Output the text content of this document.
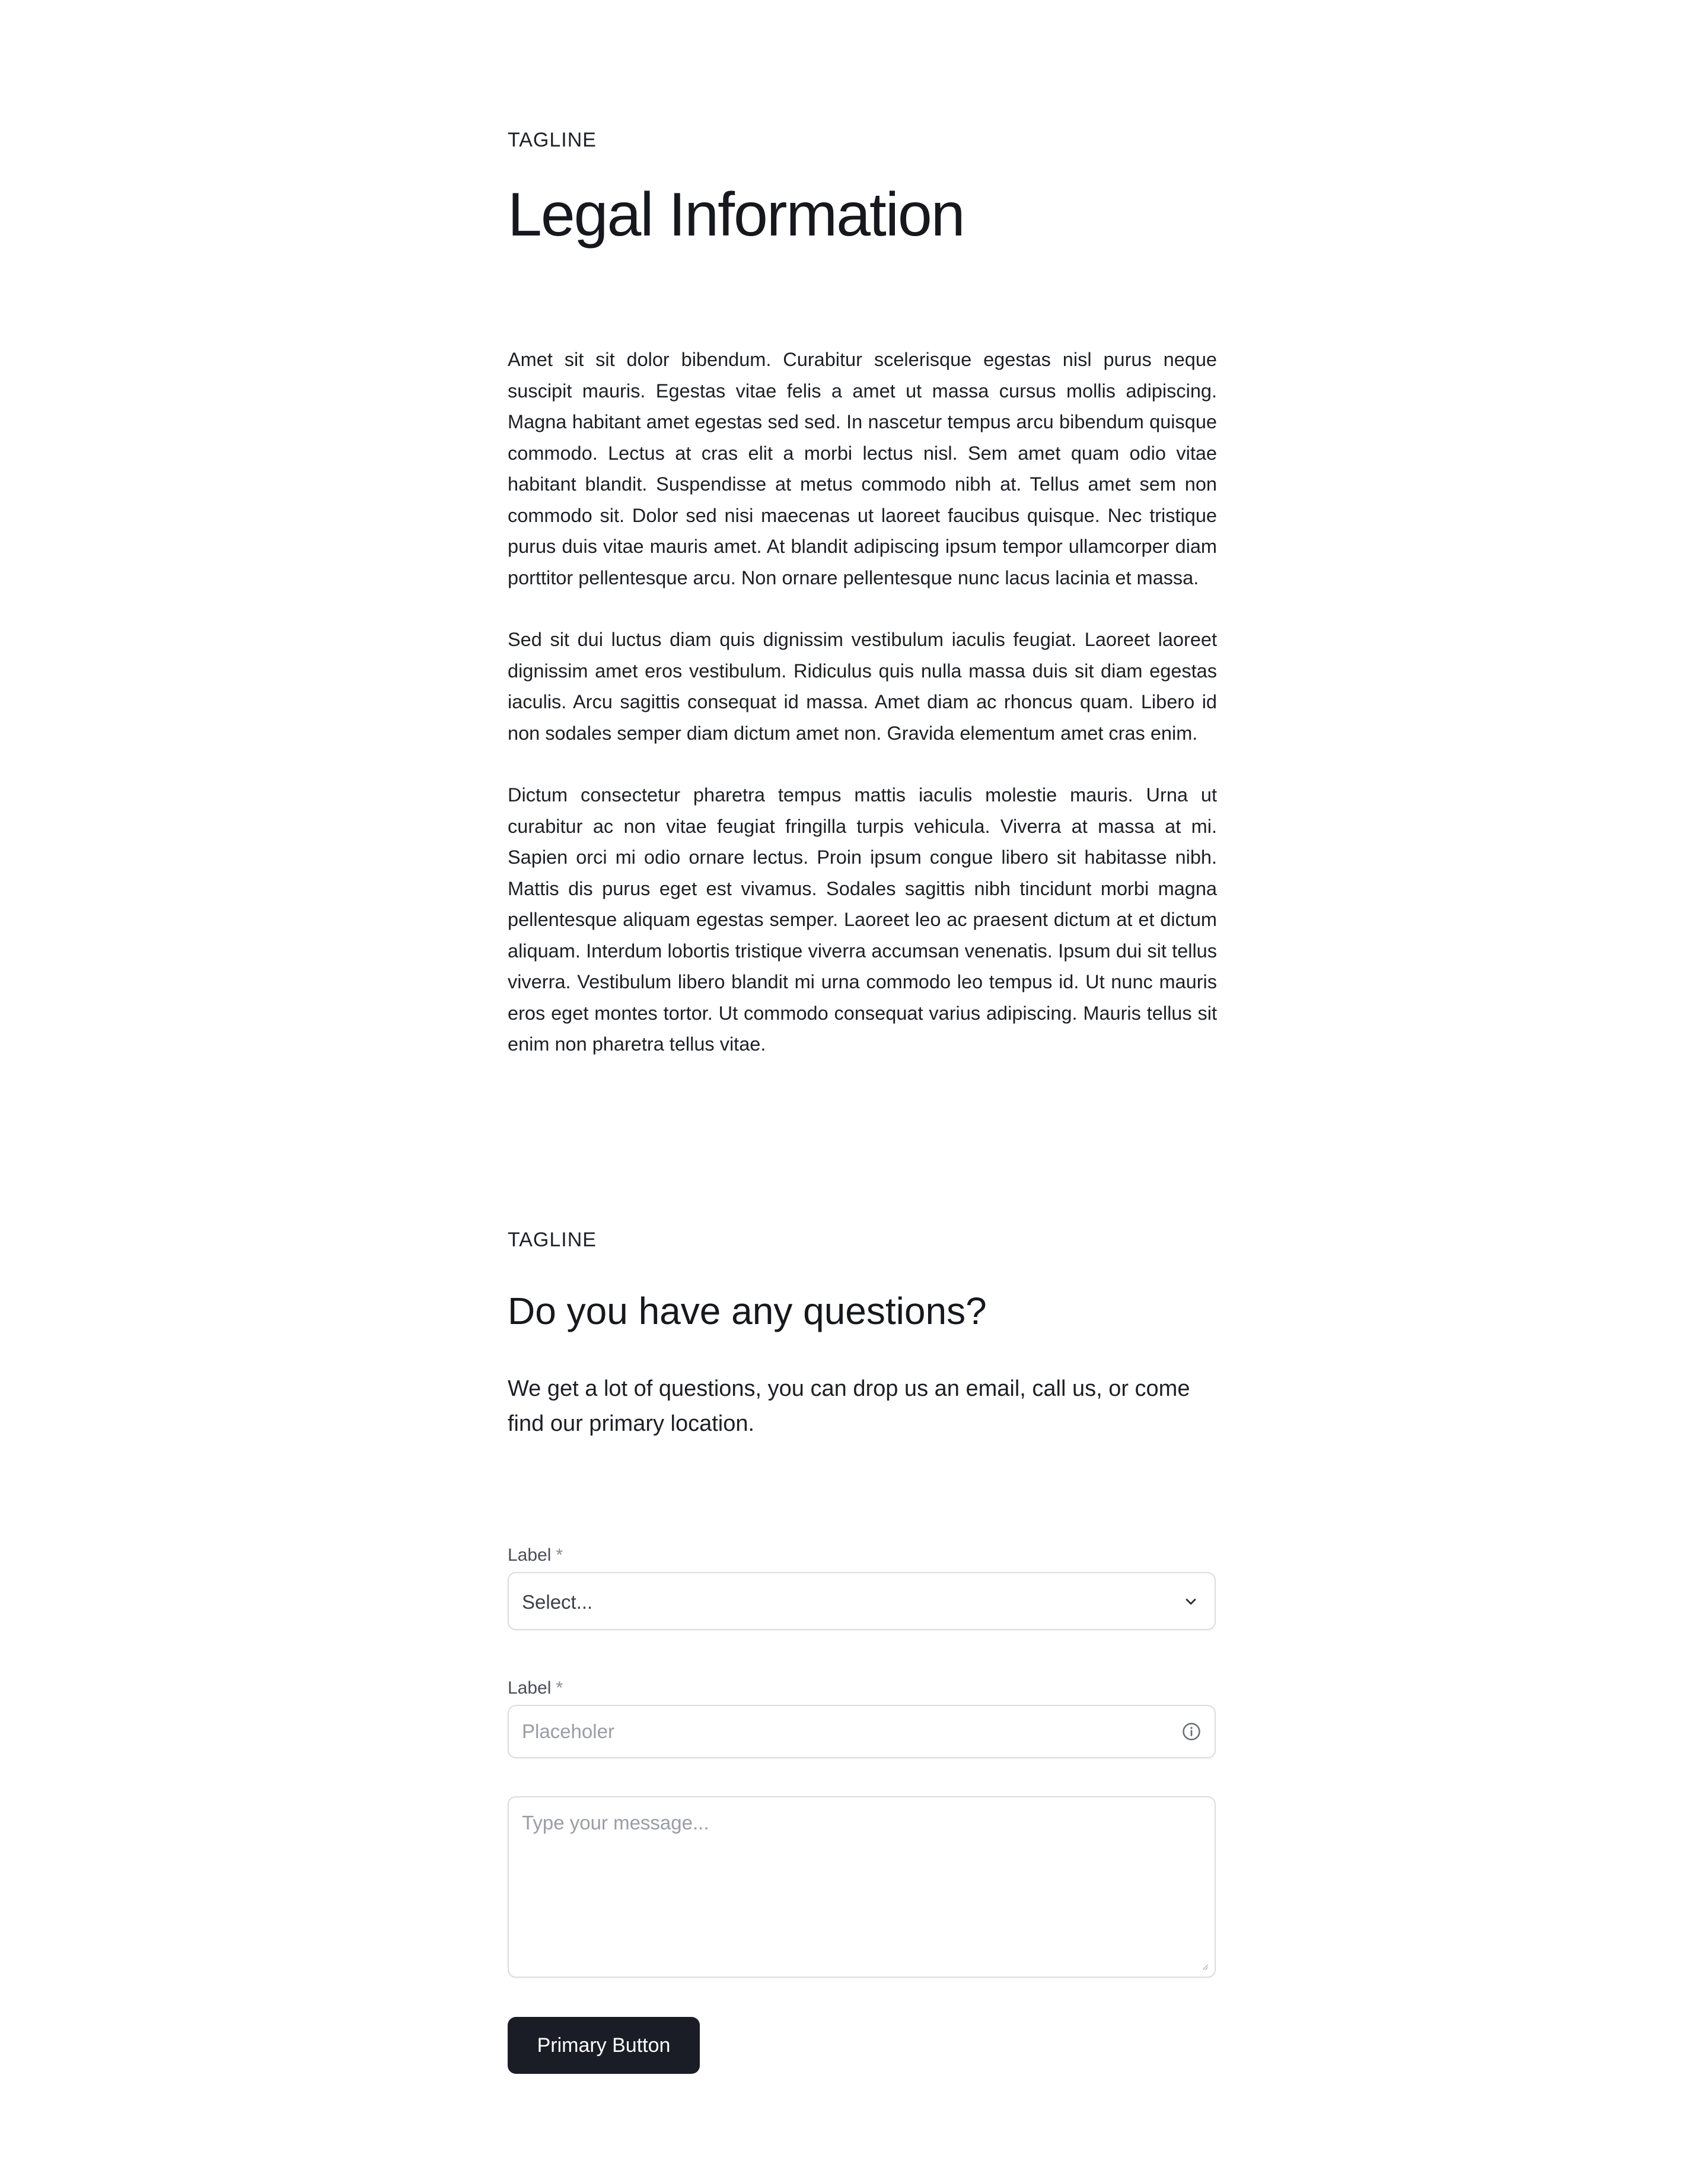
TAGLINE
Legal Information

Amet sit sit dolor bibendum. Curabitur scelerisque egestas nisl purus neque suscipit mauris. Egestas vitae felis a amet ut massa cursus mollis adipiscing. Magna habitant amet egestas sed sed. In nascetur tempus arcu bibendum quisque commodo. Lectus at cras elit a morbi lectus nisl. Sem amet quam odio vitae habitant blandit. Suspendisse at metus commodo nibh at. Tellus amet sem non commodo sit. Dolor sed nisi maecenas ut laoreet faucibus quisque. Nec tristique purus duis vitae mauris amet. At blandit adipiscing ipsum tempor ullamcorper diam porttitor pellentesque arcu. Non ornare pellentesque nunc lacus lacinia et massa.

Sed sit dui luctus diam quis dignissim vestibulum iaculis feugiat. Laoreet laoreet dignissim amet eros vestibulum. Ridiculus quis nulla massa duis sit diam egestas iaculis. Arcu sagittis consequat id massa. Amet diam ac rhoncus quam. Libero id non sodales semper diam dictum amet non. Gravida elementum amet cras enim.

Dictum consectetur pharetra tempus mattis iaculis molestie mauris. Urna ut curabitur ac non vitae feugiat fringilla turpis vehicula. Viverra at massa at mi. Sapien orci mi odio ornare lectus. Proin ipsum congue libero sit habitasse nibh. Mattis dis purus eget est vivamus. Sodales sagittis nibh tincidunt morbi magna pellentesque aliquam egestas semper. Laoreet leo ac praesent dictum at et dictum aliquam. Interdum lobortis tristique viverra accumsan venenatis. Ipsum dui sit tellus viverra. Vestibulum libero blandit mi urna commodo leo tempus id. Ut nunc mauris eros eget montes tortor. Ut commodo consequat varius adipiscing. Mauris tellus sit enim non pharetra tellus vitae.

TAGLINE
Do you have any questions?

We get a lot of questions, you can drop us an email, call us, or come find our primary location.

Label *
Select...
Label *
Placeholer
Type your message...
Primary Button
